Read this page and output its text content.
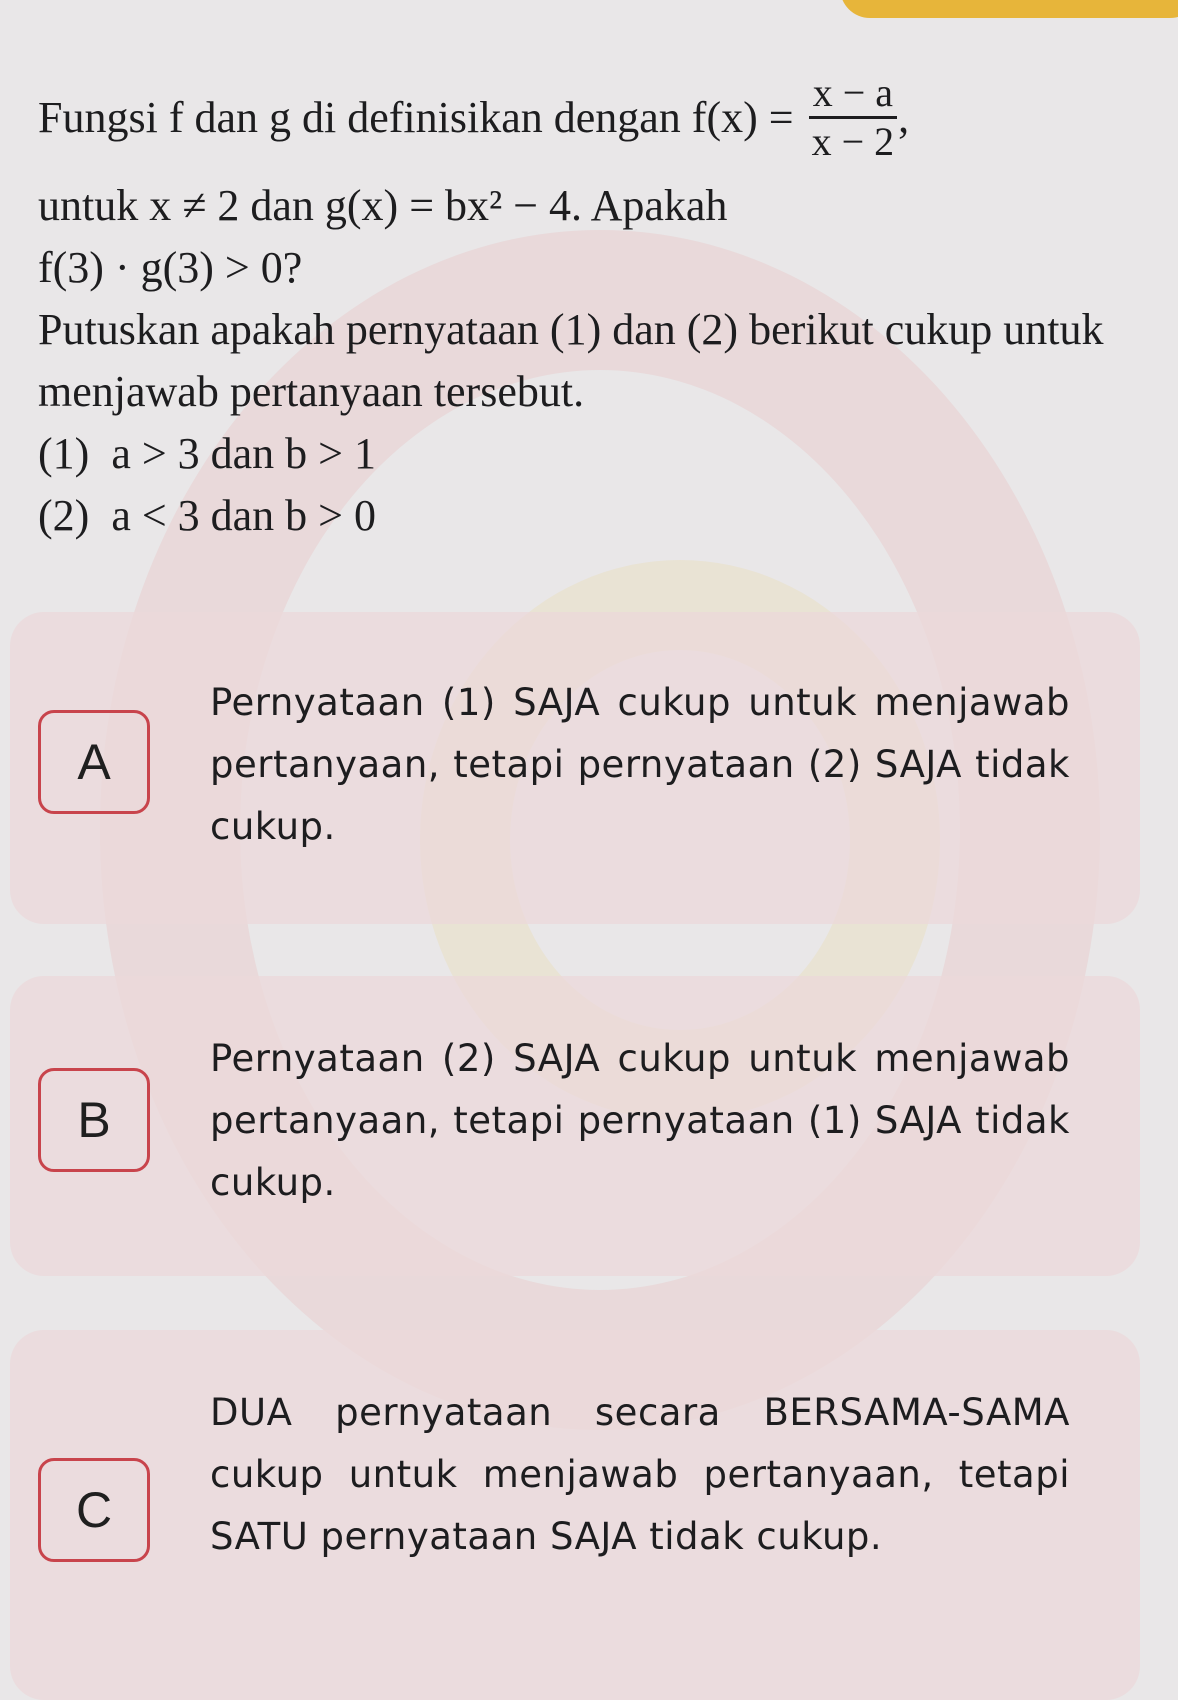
Fungsi f dan g di definisikan dengan $f(x) = \frac{x - a}{x - 2}$ ,

untuk x ≠ 2 dan g(x) = bx² − 4. Apakah

f(3) · g(3) > 0?

Putuskan apakah pernyataan (1) dan (2) berikut cukup untuk menjawab pertanyaan tersebut.

(1) a > 3 dan b > 1

(2) a < 3 dan b > 0

A
Pernyataan (1) SAJA cukup untuk menjawab pertanyaan, tetapi pernyataan (2) SAJA tidak cukup.
B
Pernyataan (2) SAJA cukup untuk menjawab pertanyaan, tetapi pernyataan (1) SAJA tidak cukup.
C
DUA pernyataan secara BERSAMA-SAMA cukup untuk menjawab pertanyaan, tetapi SATU pernyataan SAJA tidak cukup.
